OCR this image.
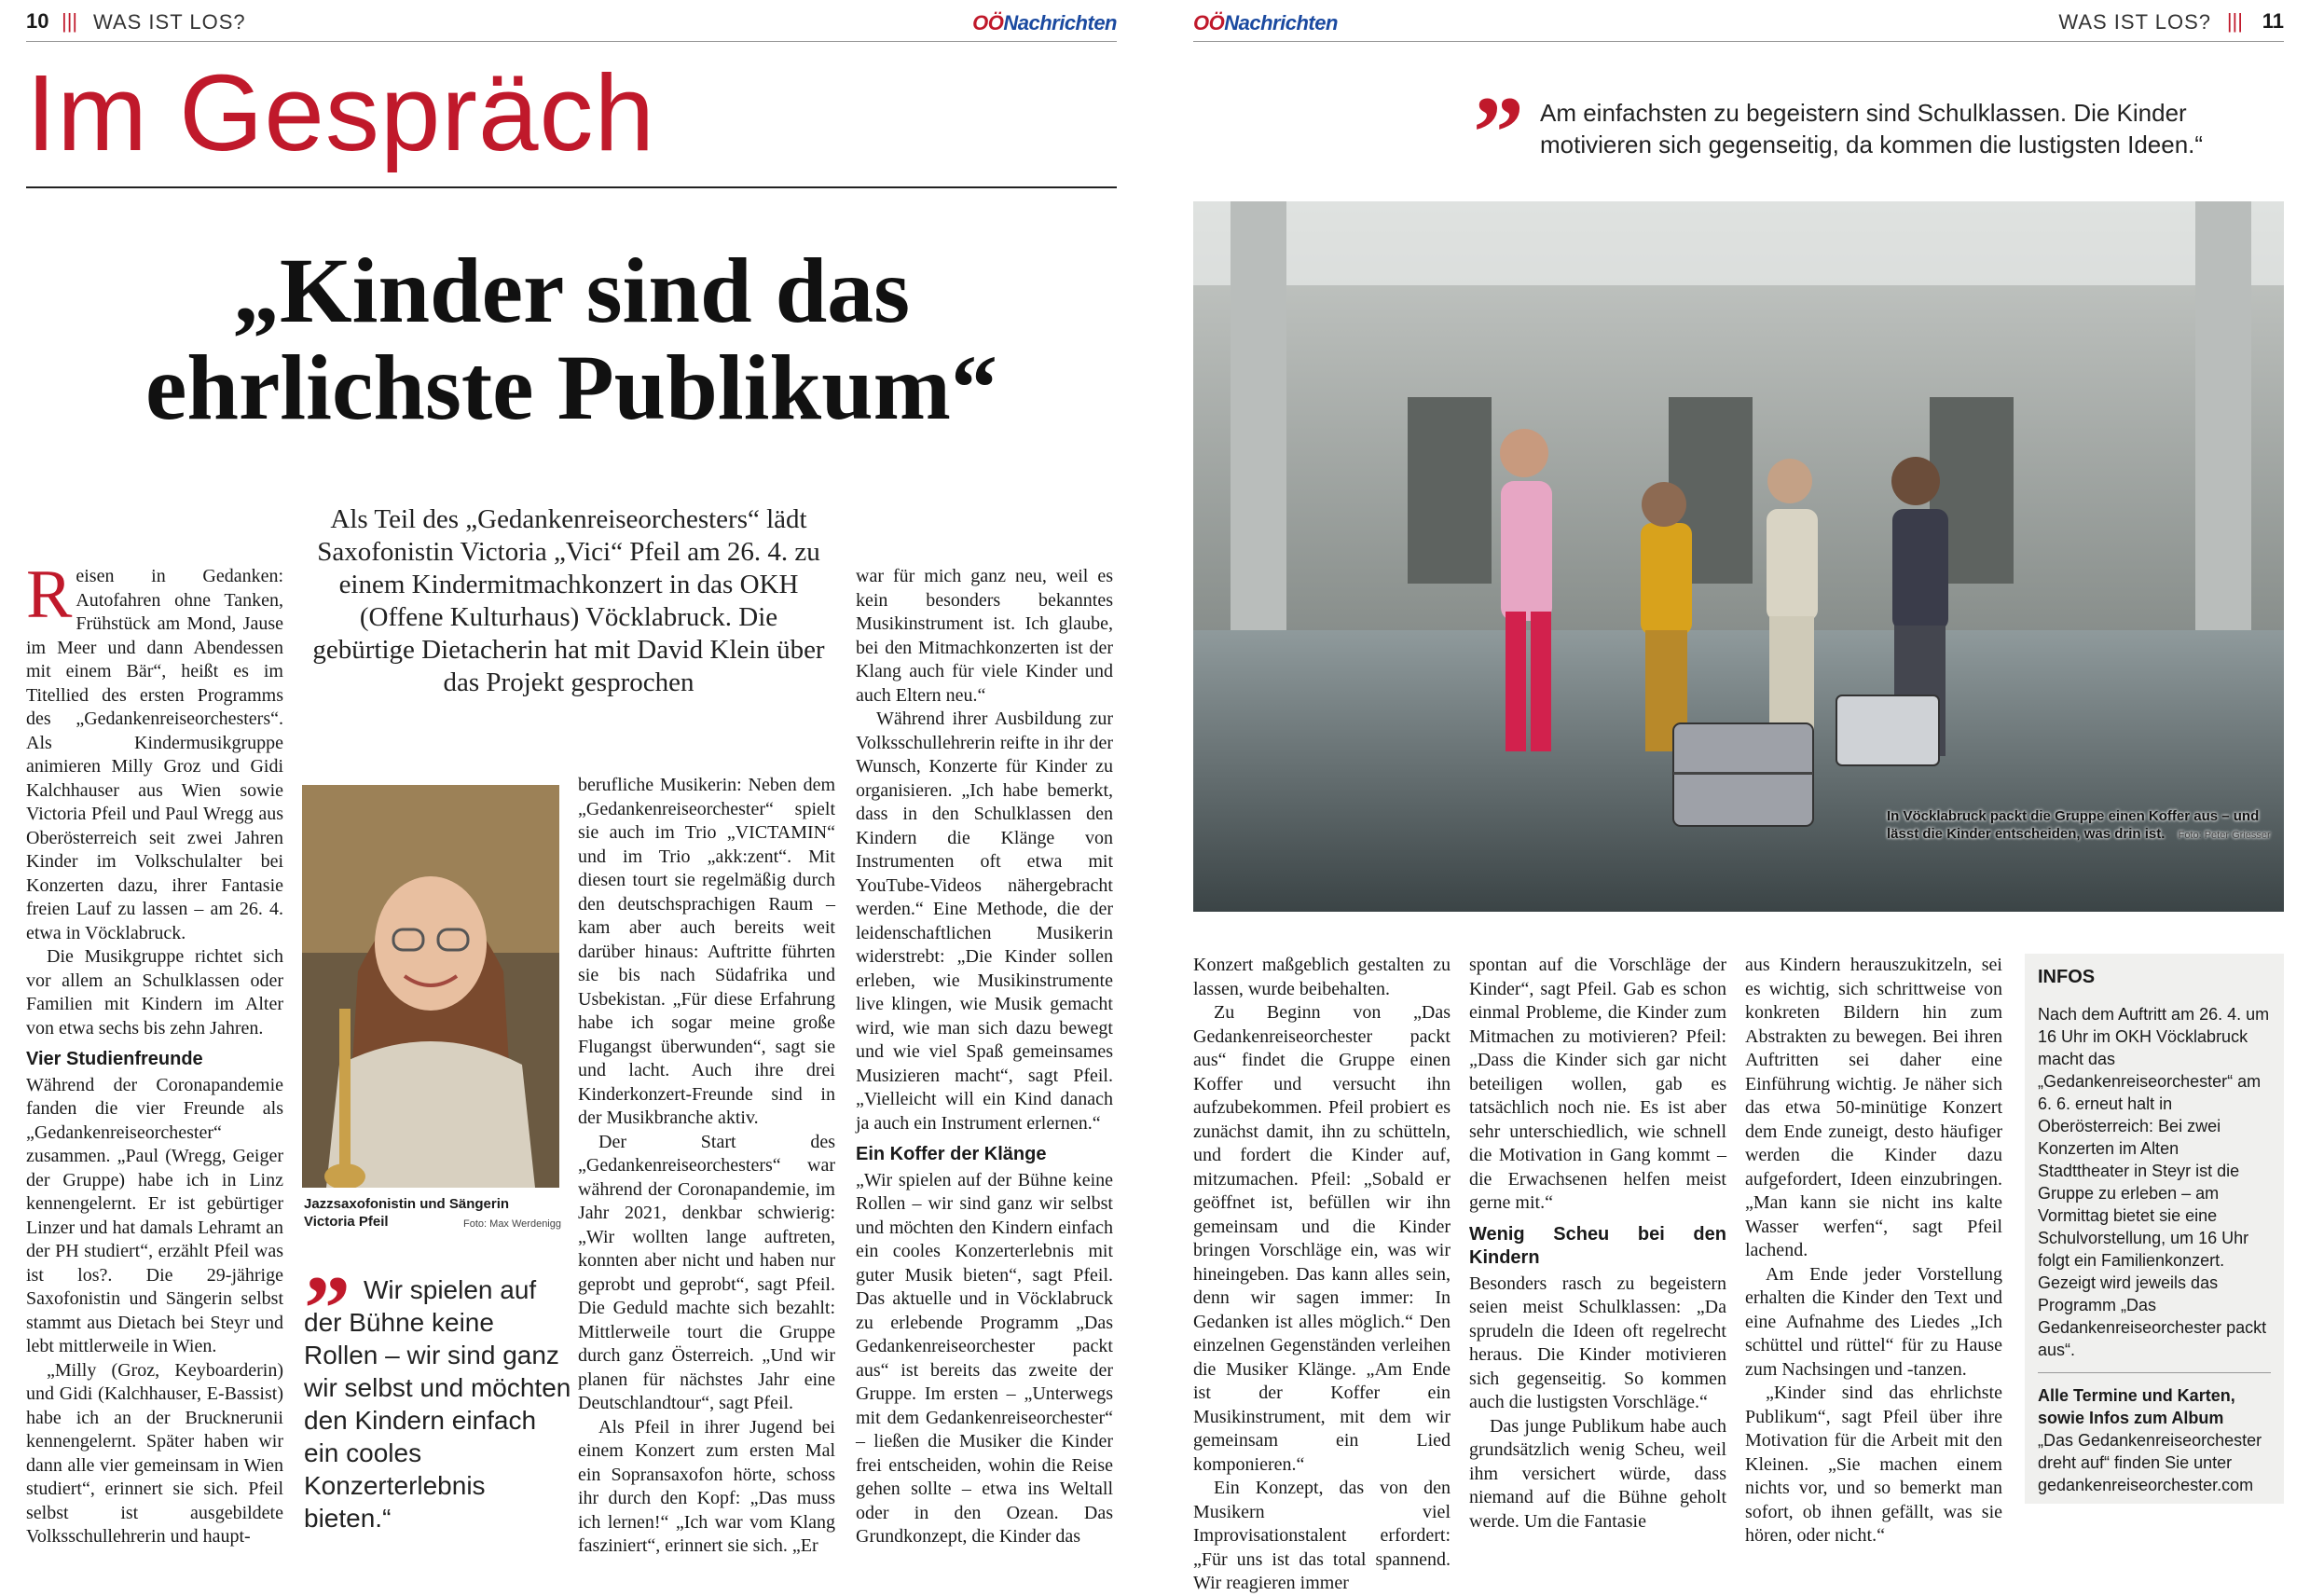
10 ||| WAS IST LOS?	OÖNachrichten	OÖNachrichten	WAS IST LOS? ||| 11
Im Gespräch
„Kinder sind das
ehrlichste Publikum“
Als Teil des „Gedankenreiseorchesters“ lädt Saxofonistin Victoria „Vici“ Pfeil am 26. 4. zu einem Kindermitmachkonzert in das OKH (Offene Kulturhaus) Vöcklabruck. Die gebürtige Dietacherin hat mit David Klein über das Projekt gesprochen
” Am einfachsten zu begeistern sind Schulklassen. Die Kinder motivieren sich gegenseitig, da kommen die lustigsten Ideen.“
In Vöcklabruck packt die Gruppe einen Koffer aus – und lässt die Kinder entscheiden, was drin ist. Foto: Peter Griesser

Reisen in Gedanken: Autofahren ohne Tanken, Frühstück am Mond, Jause im Meer und dann Abendessen mit einem Bär“, heißt es im Titellied des ersten Programms des „Gedankenreiseorchesters“. Als Kindermusikgruppe animieren Milly Groz und Gidi Kalchhauser aus Wien sowie Victoria Pfeil und Paul Wregg aus Oberösterreich seit zwei Jahren Kinder im Volkschulalter bei Konzerten dazu, ihrer Fantasie freien Lauf zu lassen – am 26. 4. etwa in Vöcklabruck.

Die Musikgruppe richtet sich vor allem an Schulklassen oder Familien mit Kindern im Alter von etwa sechs bis zehn Jahren.

Vier Studienfreunde

Während der Coronapandemie fanden die vier Freunde als „Gedankenreiseorchester“ zusammen. „Paul (Wregg, Geiger der Gruppe) habe ich in Linz kennengelernt. Er ist gebürtiger Linzer und hat damals Lehramt an der PH studiert“, erzählt Pfeil was ist los?. Die 29-jährige Saxofonistin und Sängerin selbst stammt aus Dietach bei Steyr und lebt mittlerweile in Wien.

„Milly (Groz, Keyboarderin) und Gidi (Kalchhauser, E-Bassist) habe ich an der Brucknerunii kennengelernt. Später haben wir dann alle vier gemeinsam in Wien studiert“, erinnert sie sich. Pfeil selbst ist ausgebildete Volksschullehrerin und haupt-

Jazzsaxofonistin und Sängerin
Victoria Pfeil	Foto: Max Werdenigg
” Wir spielen auf der Bühne keine Rollen – wir sind ganz wir selbst und möchten den Kindern einfach ein cooles Konzerterlebnis bieten.“

berufliche Musikerin: Neben dem „Gedankenreiseorchester“ spielt sie auch im Trio „VICTAMIN“ und im Trio „akk:zent“. Mit diesen tourt sie regelmäßig durch den deutschsprachigen Raum – kam aber auch bereits weit darüber hinaus: Auftritte führten sie bis nach Südafrika und Usbekistan. „Für diese Erfahrung habe ich sogar meine große Flugangst überwunden“, sagt sie und lacht. Auch ihre drei Kinderkonzert-Freunde sind in der Musikbranche aktiv.

Der Start des „Gedankenreiseorchesters“ war während der Coronapandemie, im Jahr 2021, denkbar schwierig: „Wir wollten lange auftreten, konnten aber nicht und haben nur geprobt und geprobt“, sagt Pfeil. Die Geduld machte sich bezahlt: Mittlerweile tourt die Gruppe durch ganz Österreich. „Und wir planen für nächstes Jahr eine Deutschlandtour“, sagt Pfeil.

Als Pfeil in ihrer Jugend bei einem Konzert zum ersten Mal ein Sopransaxofon hörte, schoss ihr durch den Kopf: „Das muss ich lernen!“ „Ich war vom Klang fasziniert“, erinnert sie sich. „Er

war für mich ganz neu, weil es kein besonders bekanntes Musikinstrument ist. Ich glaube, bei den Mitmachkonzerten ist der Klang auch für viele Kinder und auch Eltern neu.“

Während ihrer Ausbildung zur Volksschullehrerin reifte in ihr der Wunsch, Konzerte für Kinder zu organisieren. „Ich habe bemerkt, dass in den Schulklassen den Kindern die Klänge von Instrumenten oft etwa mit YouTube-Videos nähergebracht werden.“ Eine Methode, die der leidenschaftlichen Musikerin widerstrebt: „Die Kinder sollen erleben, wie Musikinstrumente live klingen, wie Musik gemacht wird, wie man sich dazu bewegt und wie viel Spaß gemeinsames Musizieren macht“, sagt Pfeil. „Vielleicht will ein Kind danach ja auch ein Instrument erlernen.“

Ein Koffer der Klänge

„Wir spielen auf der Bühne keine Rollen – wir sind ganz wir selbst und möchten den Kindern einfach ein cooles Konzerterlebnis mit guter Musik bieten“, sagt Pfeil. Das aktuelle und in Vöcklabruck zu erlebende Programm „Das Gedankenreiseorchester packt aus“ ist bereits das zweite der Gruppe. Im ersten – „Unterwegs mit dem Gedankenreiseorchester“ – ließen die Musiker die Kinder frei entscheiden, wohin die Reise gehen sollte – etwa ins Weltall oder in den Ozean. Das Grundkonzept, die Kinder das

Konzert maßgeblich gestalten zu lassen, wurde beibehalten.

Zu Beginn von „Das Gedankenreiseorchester packt aus“ findet die Gruppe einen Koffer und versucht ihn aufzubekommen. Pfeil probiert es zunächst damit, ihn zu schütteln, und fordert die Kinder auf, mitzumachen. Pfeil: „Sobald er geöffnet ist, befüllen wir ihn gemeinsam und die Kinder bringen Vorschläge ein, was wir hineingeben. Das kann alles sein, denn wir sagen immer: In Gedanken ist alles möglich.“ Den einzelnen Gegenständen verleihen die Musiker Klänge. „Am Ende ist der Koffer ein Musikinstrument, mit dem wir gemeinsam ein Lied komponieren.“

Ein Konzept, das von den Musikern viel Improvisationstalent erfordert: „Für uns ist das total spannend. Wir reagieren immer

spontan auf die Vorschläge der Kinder“, sagt Pfeil. Gab es schon einmal Probleme, die Kinder zum Mitmachen zu motivieren? Pfeil: „Dass die Kinder sich gar nicht beteiligen wollen, gab es tatsächlich noch nie. Es ist aber sehr unterschiedlich, wie schnell die Motivation in Gang kommt – die Erwachsenen helfen meist gerne mit.“

Wenig Scheu bei den Kindern

Besonders rasch zu begeistern seien meist Schulklassen: „Da sprudeln die Ideen oft regelrecht heraus. Die Kinder motivieren sich gegenseitig. So kommen auch die lustigsten Vorschläge.“

Das junge Publikum habe auch grundsätzlich wenig Scheu, weil ihm versichert würde, dass niemand auf die Bühne geholt werde. Um die Fantasie

aus Kindern herauszukitzeln, sei es wichtig, sich schrittweise von konkreten Bildern hin zum Abstrakten zu bewegen. Bei ihren Auftritten sei daher eine Einführung wichtig. Je näher sich das etwa 50-minütige Konzert dem Ende zuneigt, desto häufiger werden die Kinder dazu aufgefordert, Ideen einzubringen. „Man kann sie nicht ins kalte Wasser werfen“, sagt Pfeil lachend.

Am Ende jeder Vorstellung erhalten die Kinder den Text und eine Aufnahme des Liedes „Ich schüttel und rüttel“ für zu Hause zum Nachsingen und -tanzen.

„Kinder sind das ehrlichste Publikum“, sagt Pfeil über ihre Motivation für die Arbeit mit den Kleinen. „Sie machen einem nichts vor, und so bemerkt man sofort, ob ihnen gefällt, was sie hören, oder nicht.“

INFOS
Nach dem Auftritt am 26. 4. um 16 Uhr im OKH Vöcklabruck macht das „Gedankenreiseorchester“ am 6. 6. erneut halt in Oberösterreich: Bei zwei Konzerten im Alten Stadttheater in Steyr ist die Gruppe zu erleben – am Vormittag bietet sie eine Schulvorstellung, um 16 Uhr folgt ein Familienkonzert. Gezeigt wird jeweils das Programm „Das Gedankenreiseorchester packt aus“.
Alle Termine und Karten, sowie Infos zum Album
„Das Gedankenreiseorchester dreht auf“ finden Sie unter gedankenreiseorchester.com
